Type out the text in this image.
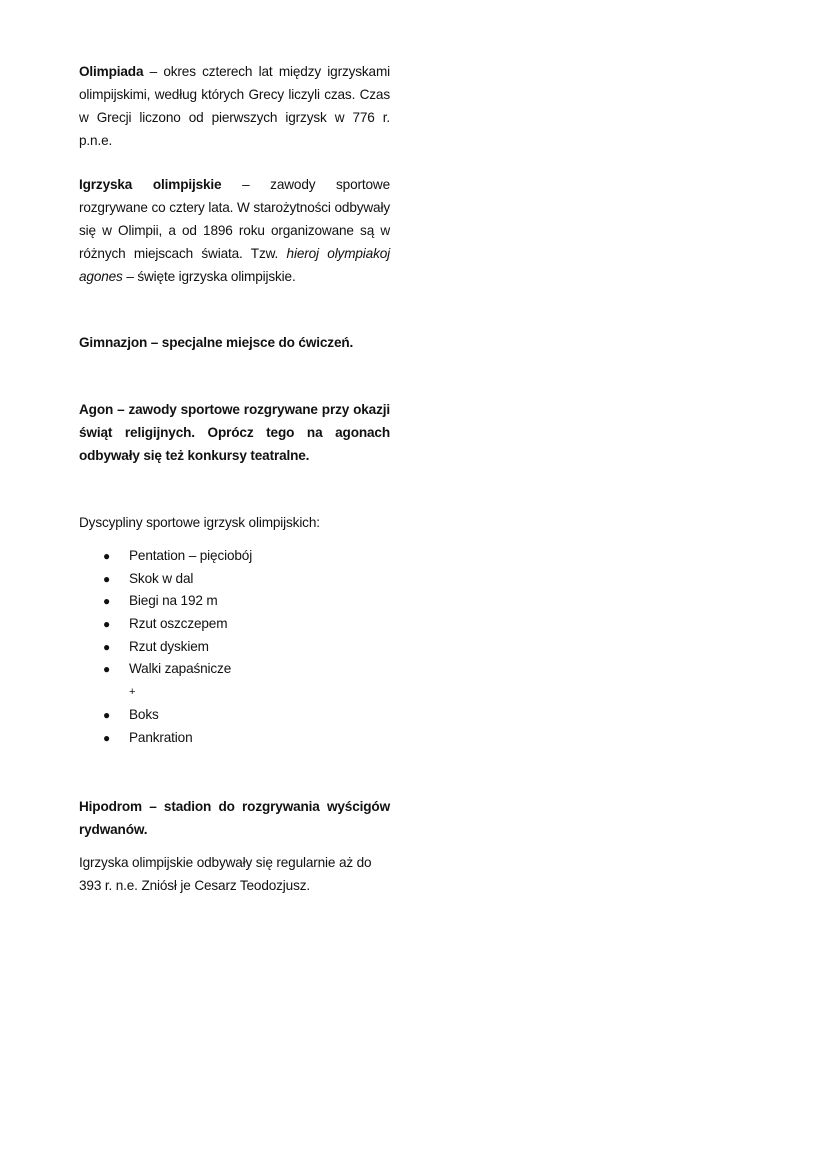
Olimpiada – okres czterech lat między igrzyskami olimpijskimi, według których Grecy liczyli czas. Czas w Grecji liczono od pierwszych igrzysk w 776 r. p.n.e.

Igrzyska olimpijskie – zawody sportowe rozgrywane co cztery lata. W starożytności odbywały się w Olimpii, a od 1896 roku organizowane są w różnych miejscach świata. Tzw. hieroj olympiakoj agones – święte igrzyska olimpijskie.

Gimnazjon – specjalne miejsce do ćwiczeń.

Agon – zawody sportowe rozgrywane przy okazji świąt religijnych. Oprócz tego na agonach odbywały się też konkursy teatralne.

Dyscypliny sportowe igrzysk olimpijskich:

● Pentation – pięciobój
● Skok w dal
● Biegi na 192 m
● Rzut oszczepem
● Rzut dyskiem
● Walki zapaśnicze
+
● Boks
● Pankration

Hipodrom – stadion do rozgrywania wyścigów rydwanów.

Igrzyska olimpijskie odbywały się regularnie aż do 393 r. n.e. Zniósł je Cesarz Teodozjusz.
